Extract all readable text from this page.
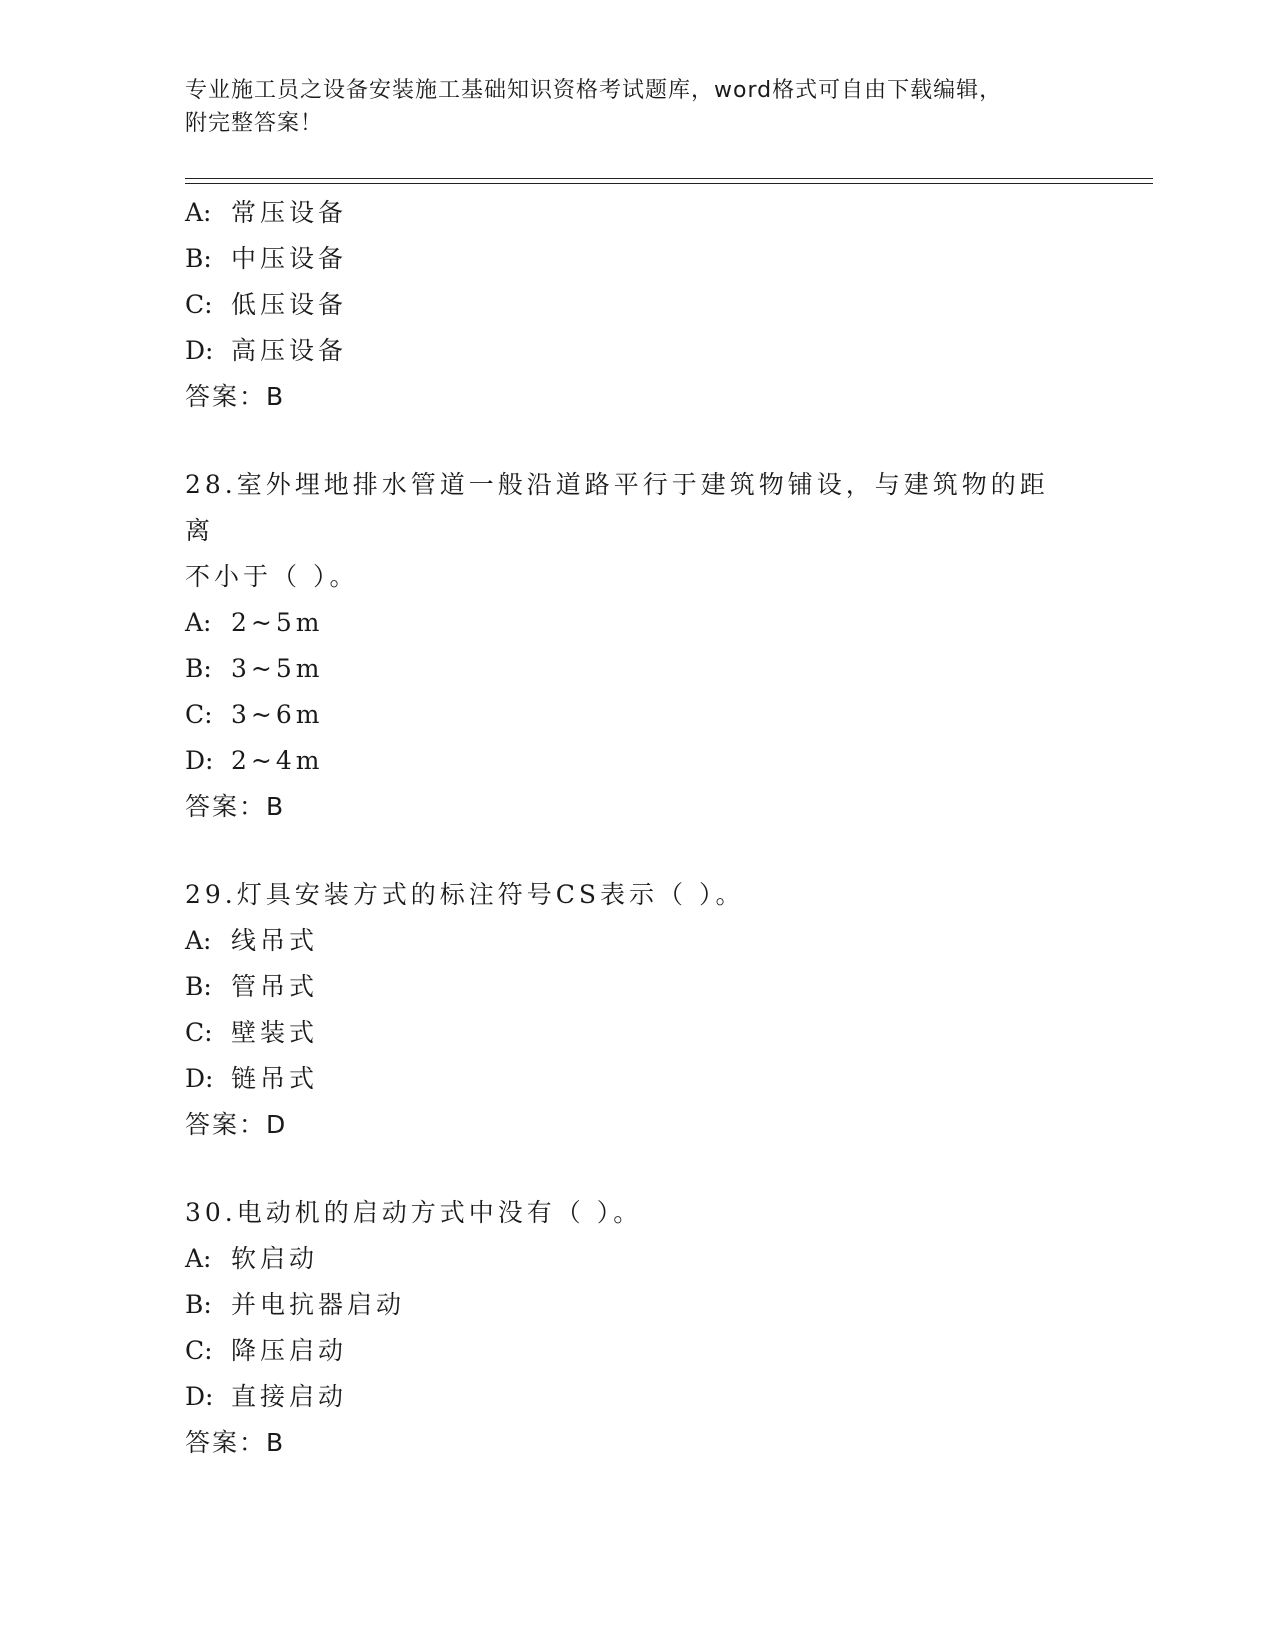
专业施工员之设备安装施工基础知识资格考试题库，word格式可自由下载编辑，
附完整答案！
A: 常压设备
B: 中压设备
C: 低压设备
D: 高压设备
答案：B
28.室外埋地排水管道一般沿道路平行于建筑物铺设，与建筑物的距离
不小于（ ）。
A: 2~5m
B: 3~5m
C: 3~6m
D: 2~4m
答案：B
29.灯具安装方式的标注符号CS表示（ ）。
A: 线吊式
B: 管吊式
C: 壁装式
D: 链吊式
答案：D
30.电动机的启动方式中没有（ ）。
A: 软启动
B: 并电抗器启动
C: 降压启动
D: 直接启动
答案：B
